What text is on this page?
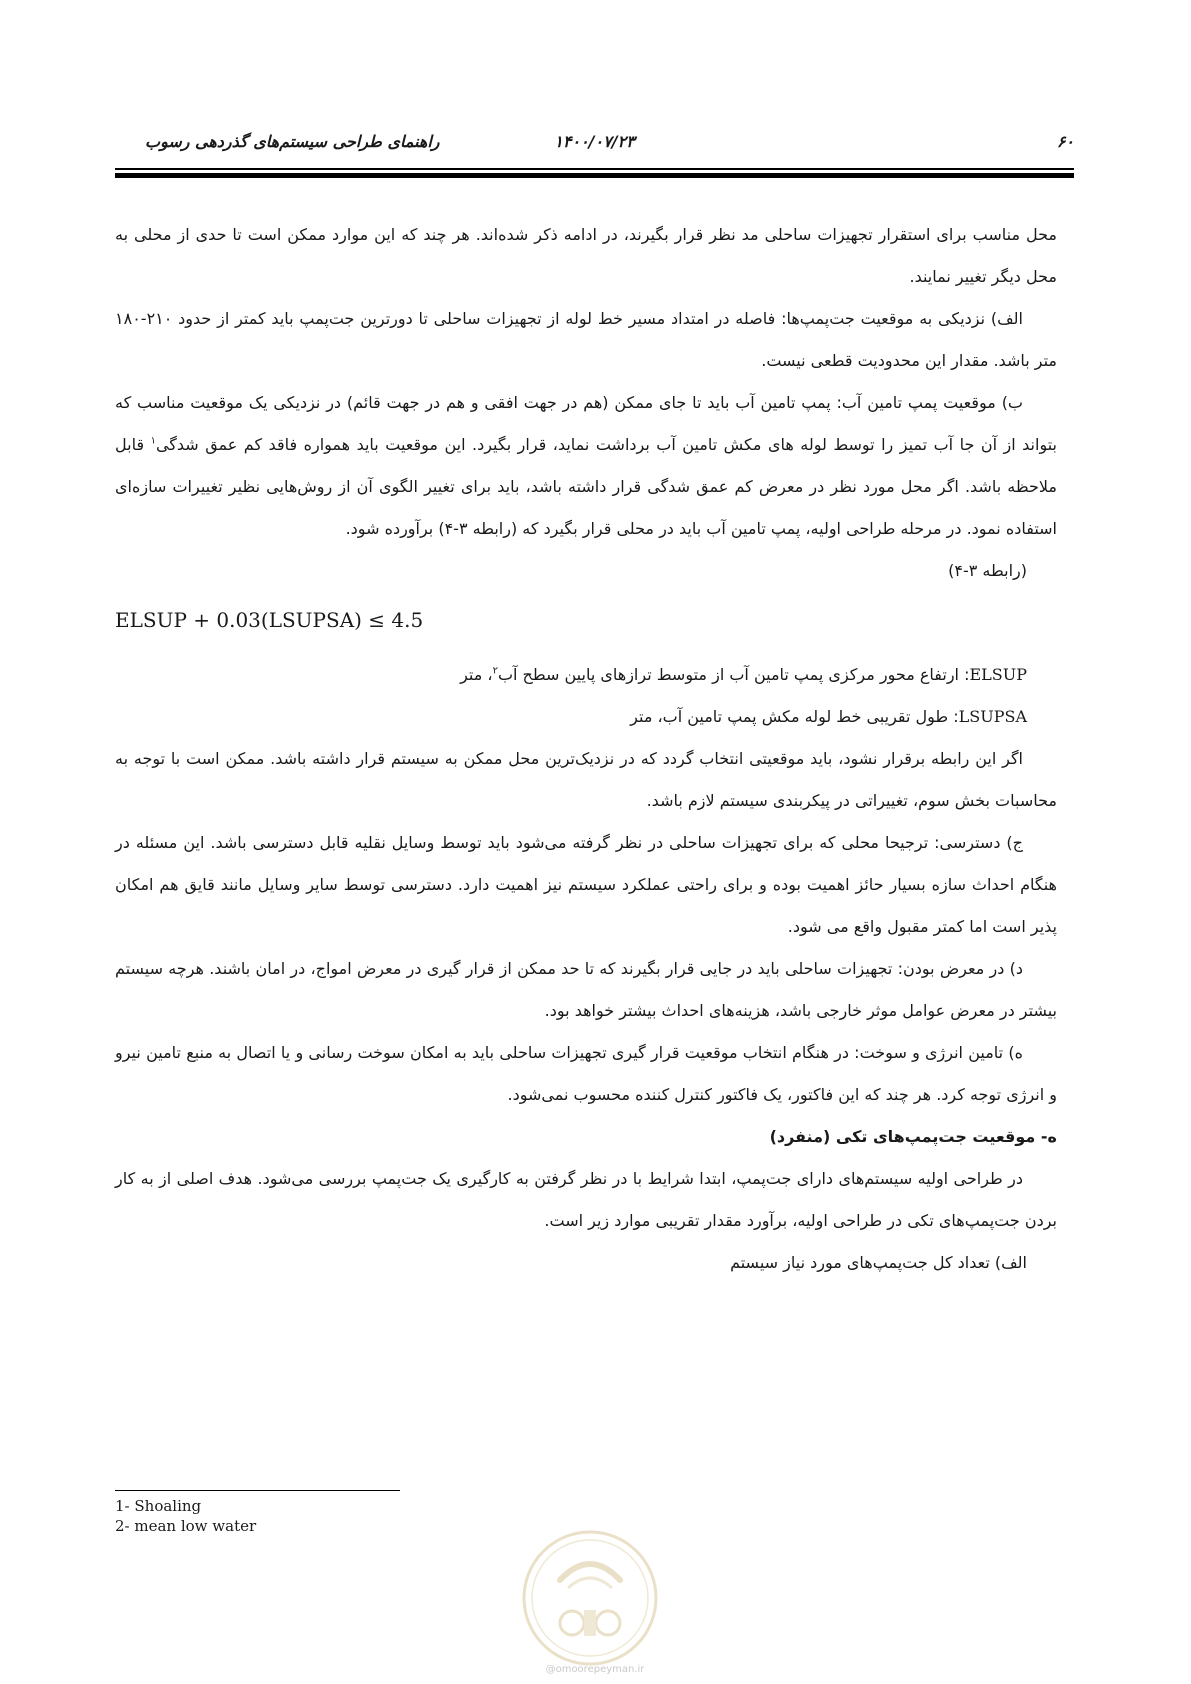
۶۰
۱۴۰۰/۰۷/۲۳
راهنمای طراحی سیستم‌های گذردهی رسوب

محل مناسب برای استقرار تجهیزات ساحلی مد نظر قرار بگیرند، در ادامه ذکر شده‌اند. هر چند که این موارد ممکن است تا حدی از محلی به محل دیگر تغییر نمایند.

الف) نزدیکی به موقعیت جت‌پمپ‌ها: فاصله در امتداد مسیر خط لوله از تجهیزات ساحلی تا دورترین جت‌پمپ باید کمتر از حدود ۲۱۰-۱۸۰ متر باشد. مقدار این محدودیت قطعی نیست.

ب) موقعیت پمپ تامین آب: پمپ تامین آب باید تا جای ممکن (هم در جهت افقی و هم در جهت قائم) در نزدیکی یک موقعیت مناسب که بتواند از آن جا آب تمیز را توسط لوله های مکش تامین آب برداشت نماید، قرار بگیرد. این موقعیت باید همواره فاقد کم عمق شدگی$^۱$ قابل ملاحظه باشد. اگر محل مورد نظر در معرض کم عمق شدگی قرار داشته باشد، باید برای تغییر الگوی آن از روش‌هایی نظیر تغییرات سازه‌ای استفاده نمود. در مرحله طراحی اولیه، پمپ تامین آب باید در محلی قرار بگیرد که (رابطه ۳-۴) برآورده شود.

(رابطه ۳-۴)

ELSUP + 0.03(LSUPSA) ≤ 4.5

ELSUP: ارتفاع محور مرکزی پمپ تامین آب از متوسط ترازهای پایین سطح آب$^۲$، متر

LSUPSA: طول تقریبی خط لوله مکش پمپ تامین آب، متر

اگر این رابطه برقرار نشود، باید موقعیتی انتخاب گردد که در نزدیک‌ترین محل ممکن به سیستم قرار داشته باشد. ممکن است با توجه به محاسبات بخش سوم، تغییراتی در پیکربندی سیستم لازم باشد.

ج) دسترسی: ترجیحا محلی که برای تجهیزات ساحلی در نظر گرفته می‌شود باید توسط وسایل نقلیه قابل دسترسی باشد. این مسئله در هنگام احداث سازه بسیار حائز اهمیت بوده و برای راحتی عملکرد سیستم نیز اهمیت دارد. دسترسی توسط سایر وسایل مانند قایق هم امکان پذیر است اما کمتر مقبول واقع می شود.

د) در معرض بودن: تجهیزات ساحلی باید در جایی قرار بگیرند که تا حد ممکن از قرار گیری در معرض امواج، در امان باشند. هرچه سیستم بیشتر در معرض عوامل موثر خارجی باشد، هزینه‌های احداث بیشتر خواهد بود.

ه) تامین انرژی و سوخت: در هنگام انتخاب موقعیت قرار گیری تجهیزات ساحلی باید به امکان سوخت رسانی و یا اتصال به منبع تامین نیرو و انرژی توجه کرد. هر چند که این فاکتور، یک فاکتور کنترل کننده محسوب نمی‌شود.

ه- موقعیت جت‌پمپ‌های تکی (منفرد)

در طراحی اولیه سیستم‌های دارای جت‌پمپ، ابتدا شرایط با در نظر گرفتن به کارگیری یک جت‌پمپ بررسی می‌شود. هدف اصلی از به کار بردن جت‌پمپ‌های تکی در طراحی اولیه، برآورد مقدار تقریبی موارد زیر است.

الف) تعداد کل جت‌پمپ‌های مورد نیاز سیستم

1- Shoaling
2- mean low water
@omoorepeyman.ir
